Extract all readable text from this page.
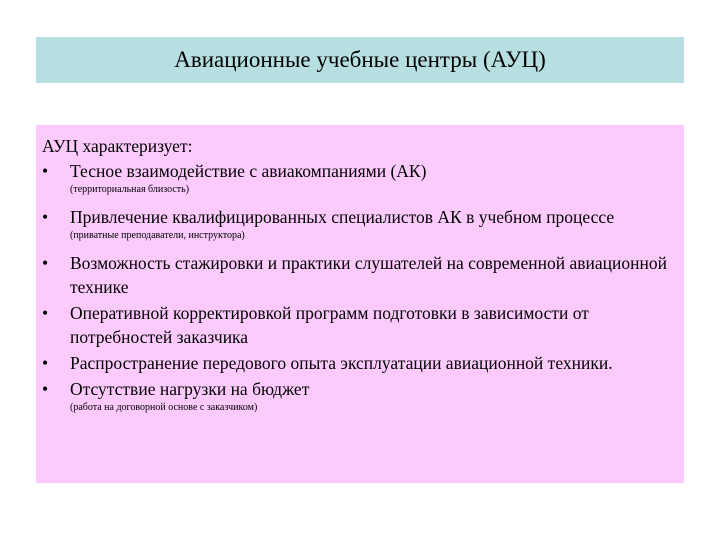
Авиационные учебные центры (АУЦ)
АУЦ характеризует:
• Тесное взаимодействие с авиакомпаниями (АК)
(территориальная близость)
• Привлечение квалифицированных специалистов АК в учебном процессе
(приватные преподаватели, инструктора)
• Возможность стажировки и практики слушателей на современной авиационной технике
• Оперативной корректировкой программ подготовки в зависимости от потребностей заказчика
• Распространение передового опыта эксплуатации авиационной техники.
• Отсутствие нагрузки на бюджет
(работа на договорной основе с заказчиком)
